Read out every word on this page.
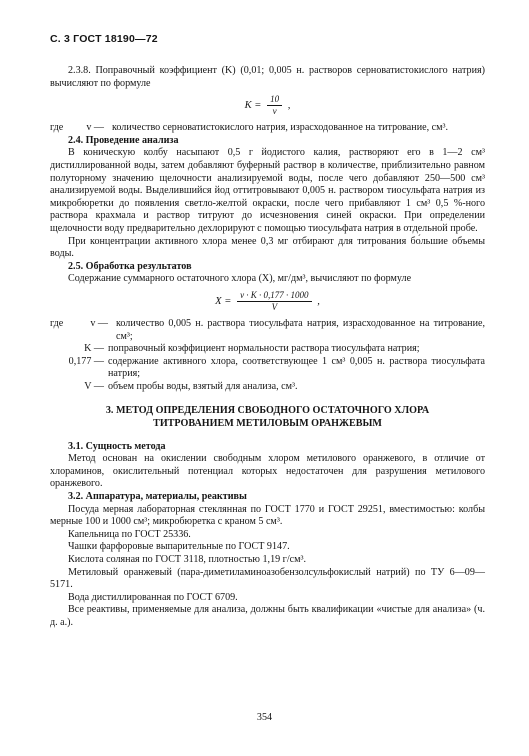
С. 3 ГОСТ 18190—72

2.3.8. Поправочный коэффициент (K) (0,01; 0,005 н. растворов серноватистокислого натрия) вычисляют по формуле

$K = \frac{10}{v}$ ,
где	v — количество серноватистокислого натрия, израсходованное на титрование, см³.
2.4. Проведение анализа

В коническую колбу насыпают 0,5 г йодистого калия, растворяют его в 1—2 см³ дистиллированной воды, затем добавляют буферный раствор в количестве, приблизительно равном полуторному значению щелочности анализируемой воды, после чего добавляют 250—500 см³ анализируемой воды. Выделившийся йод оттитровывают 0,005 н. раствором тиосульфата натрия из микробюретки до появления светло-желтой окраски, после чего прибавляют 1 см³ 0,5 %-ного раствора крахмала и раствор титруют до исчезновения синей окраски. При определении щелочности воду предварительно дехлорируют с помощью тиосульфата натрия в отдельной пробе.

При концентрации активного хлора менее 0,3 мг отбирают для титрования бо́льшие объемы воды.

2.5. Обработка результатов

Содержание суммарного остаточного хлора (X), мг/дм³, вычисляют по формуле

$X = \frac{v \cdot K \cdot 0,177 \cdot 1000}{V}$ ,
где	v — количество 0,005 н. раствора тиосульфата натрия, израсходованное на титрование, см³;
K — поправочный коэффициент нормальности раствора тиосульфата натрия;
0,177 — содержание активного хлора, соответствующее 1 см³ 0,005 н. раствора тиосульфата натрия;
V — объем пробы воды, взятый для анализа, см³.
3. МЕТОД ОПРЕДЕЛЕНИЯ СВОБОДНОГО ОСТАТОЧНОГО ХЛОРА
ТИТРОВАНИЕМ МЕТИЛОВЫМ ОРАНЖЕВЫМ
3.1. Сущность метода

Метод основан на окислении свободным хлором метилового оранжевого, в отличие от хлораминов, окислительный потенциал которых недостаточен для разрушения метилового оранжевого.

3.2. Аппаратура, материалы, реактивы

Посуда мерная лабораторная стеклянная по ГОСТ 1770 и ГОСТ 29251, вместимостью: колбы мерные 100 и 1000 см³; микробюретка с краном 5 см³.

Капельница по ГОСТ 25336.

Чашки фарфоровые выпарительные по ГОСТ 9147.

Кислота соляная по ГОСТ 3118, плотностью 1,19 г/см³.

Метиловый оранжевый (пара-диметиламиноазобензолсульфокислый натрий) по ТУ 6—09—5171.

Вода дистиллированная по ГОСТ 6709.

Все реактивы, применяемые для анализа, должны быть квалификации «чистые для анализа» (ч. д. а.).

354
